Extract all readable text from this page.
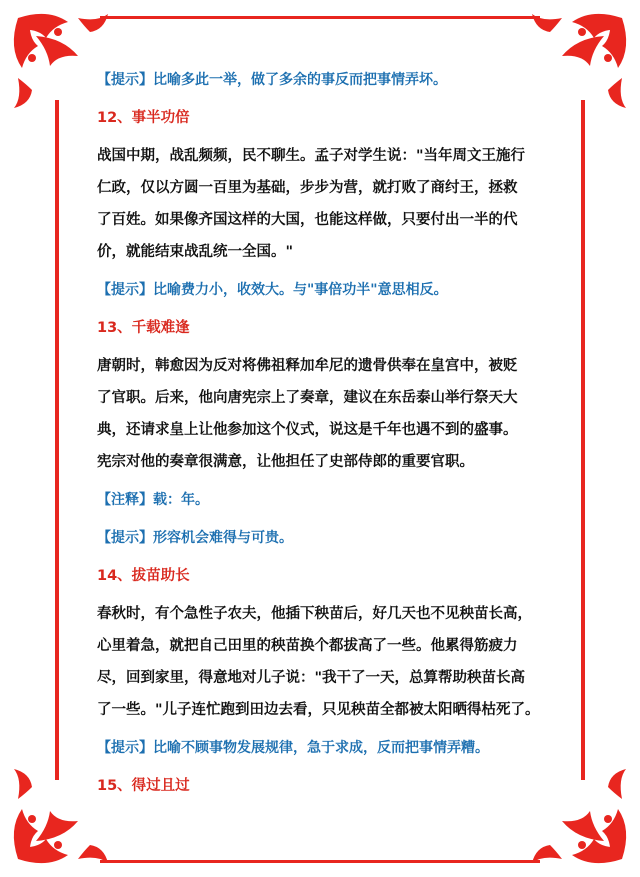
【提示】比喻多此一举，做了多余的事反而把事情弄坏。

12、事半功倍

战国中期，战乱频频，民不聊生。孟子对学生说："当年周文王施行

仁政，仅以方圆一百里为基础，步步为营，就打败了商纣王，拯救

了百姓。如果像齐国这样的大国，也能这样做，只要付出一半的代

价，就能结束战乱统一全国。"

【提示】比喻费力小，收效大。与"事倍功半"意思相反。

13、千载难逢

唐朝时，韩愈因为反对将佛祖释加牟尼的遗骨供奉在皇宫中，被贬

了官职。后来，他向唐宪宗上了奏章，建议在东岳泰山举行祭天大

典，还请求皇上让他参加这个仪式，说这是千年也遇不到的盛事。

宪宗对他的奏章很满意，让他担任了史部侍郎的重要官职。

【注释】载：年。

【提示】形容机会难得与可贵。

14、拔苗助长

春秋时，有个急性子农夫，他插下秧苗后，好几天也不见秧苗长高，

心里着急，就把自己田里的秧苗换个都拔高了一些。他累得筋疲力

尽，回到家里，得意地对儿子说："我干了一天，总算帮助秧苗长高

了一些。"儿子连忙跑到田边去看，只见秧苗全都被太阳晒得枯死了。

【提示】比喻不顾事物发展规律，急于求成，反而把事情弄糟。

15、得过且过
